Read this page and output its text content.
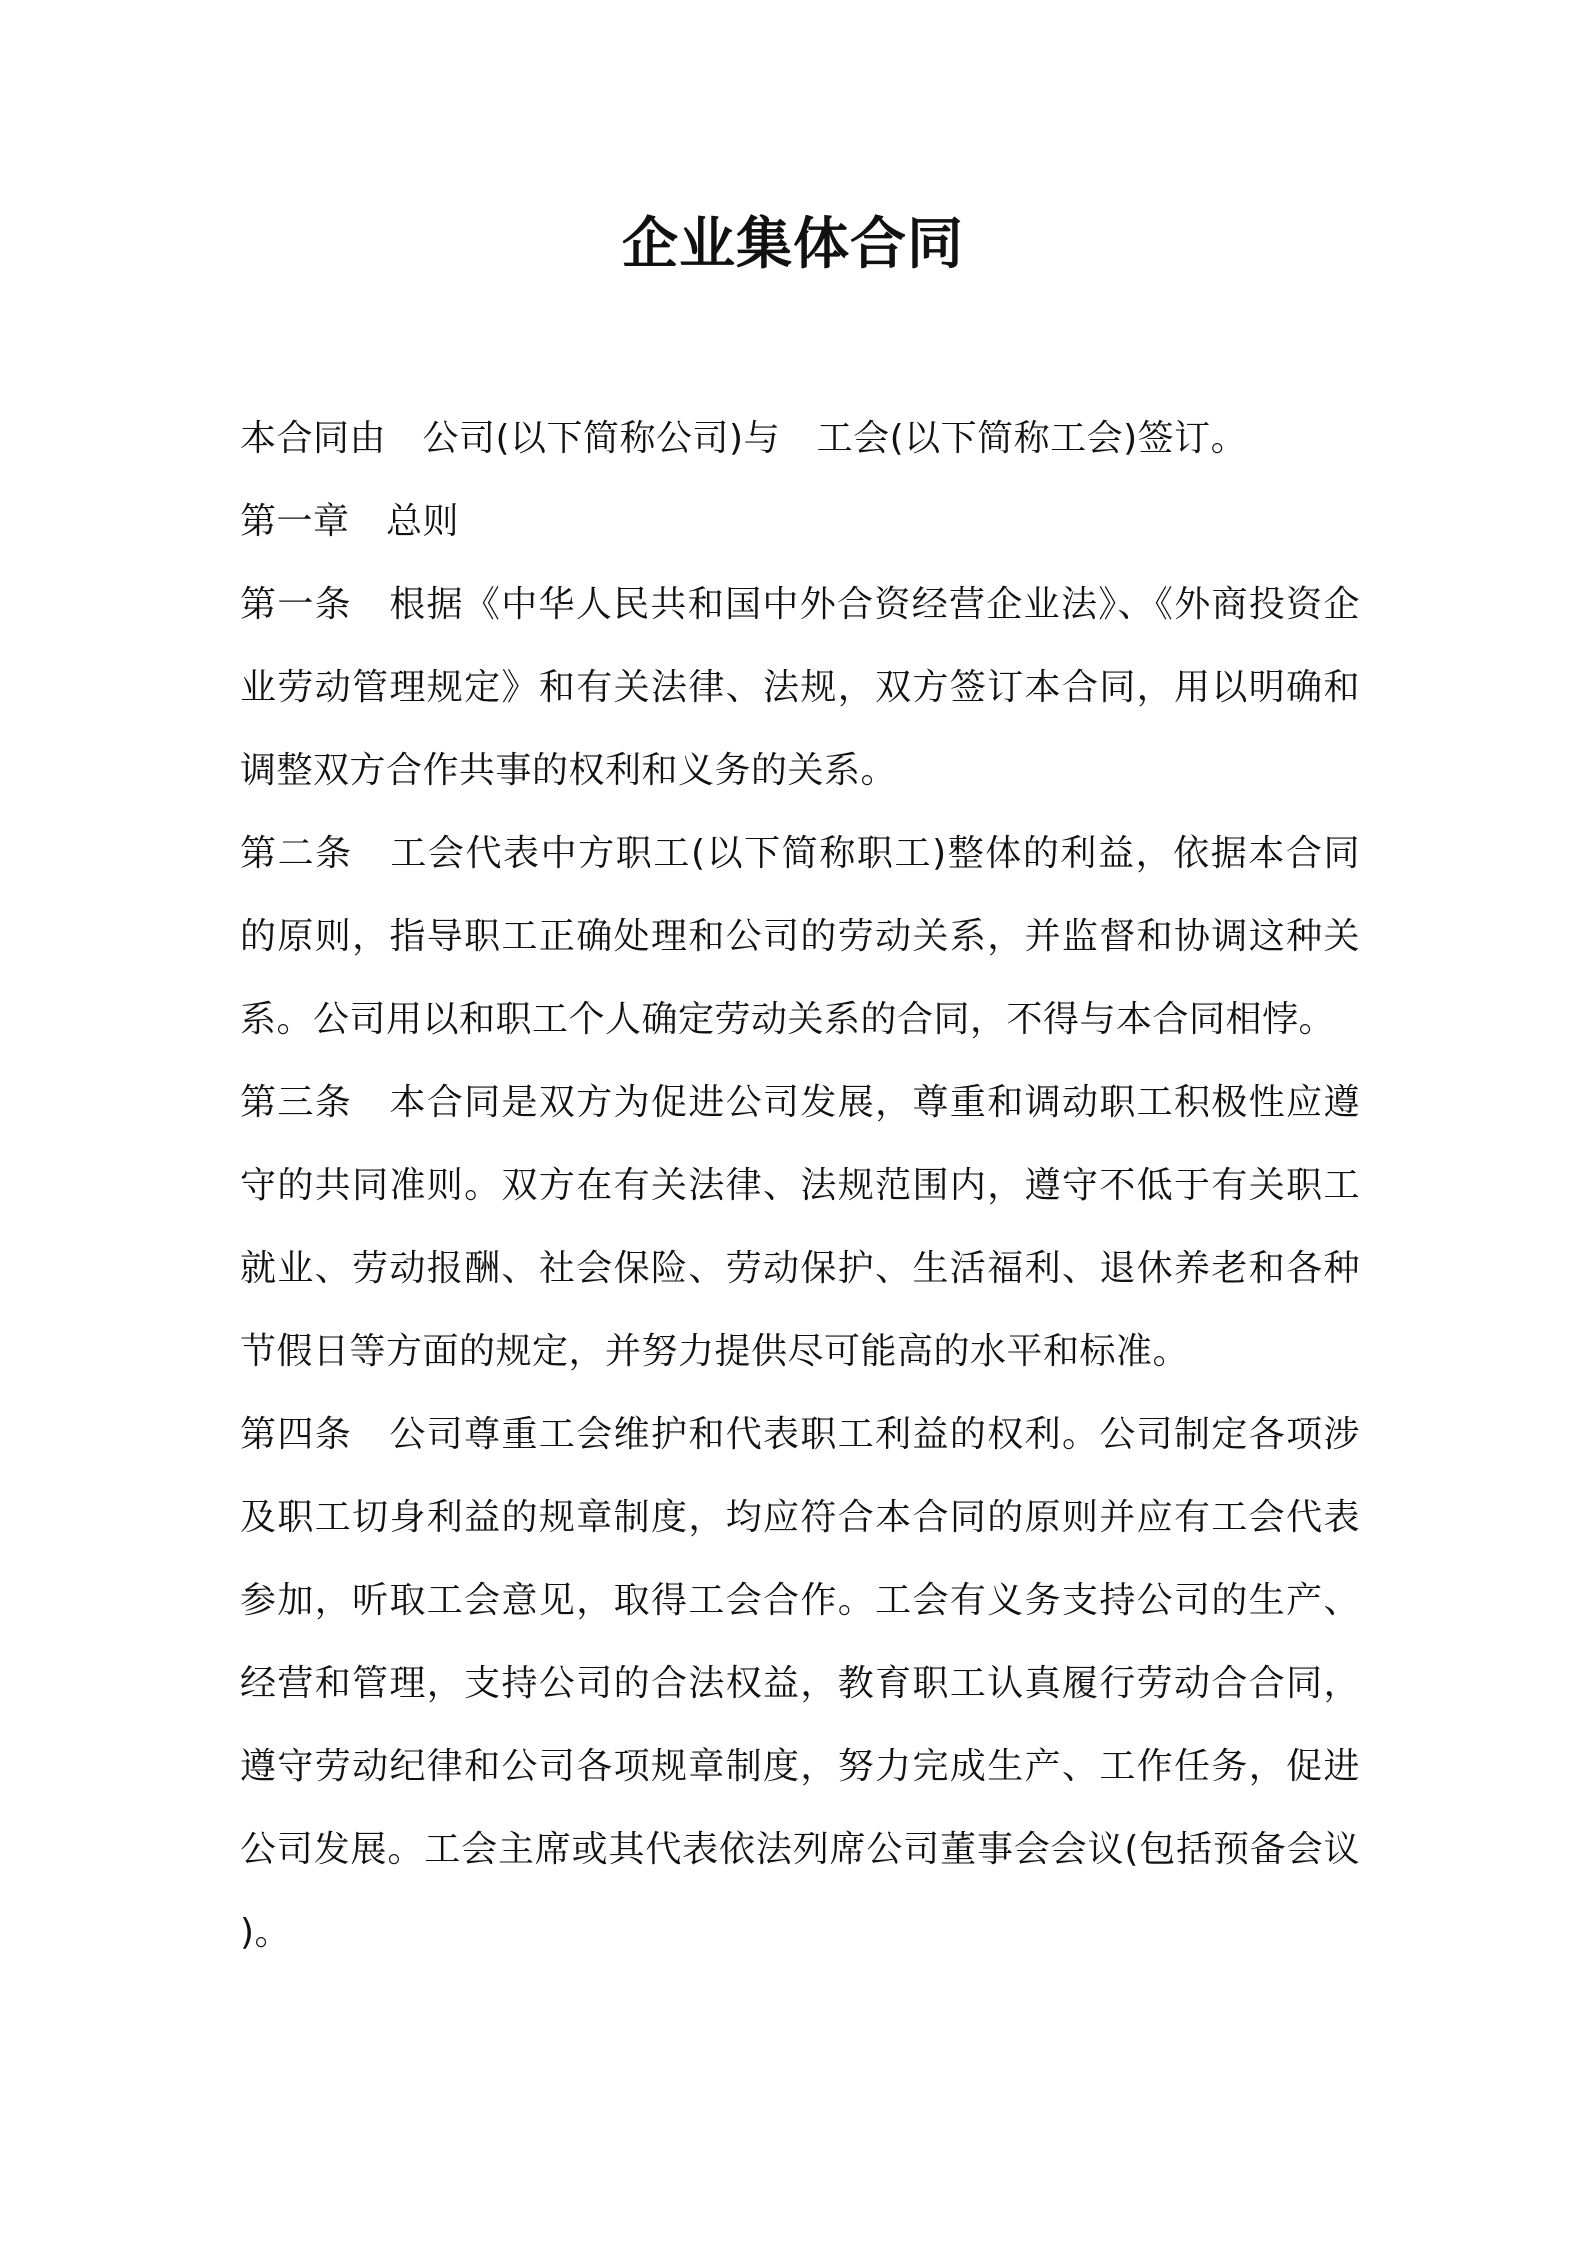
企业集体合同

本合同由　公司(以下简称公司)与　工会(以下简称工会)签订。

第一章　总则

第一条　根据《中华人民共和国中外合资经营企业法》、《外商投资企业劳动管理规定》和有关法律、法规，双方签订本合同，用以明确和调整双方合作共事的权利和义务的关系。

第二条　工会代表中方职工(以下简称职工)整体的利益，依据本合同的原则，指导职工正确处理和公司的劳动关系，并监督和协调这种关系。公司用以和职工个人确定劳动关系的合同，不得与本合同相悖。

第三条　本合同是双方为促进公司发展，尊重和调动职工积极性应遵守的共同准则。双方在有关法律、法规范围内，遵守不低于有关职工就业、劳动报酬、社会保险、劳动保护、生活福利、退休养老和各种节假日等方面的规定，并努力提供尽可能高的水平和标准。

第四条　公司尊重工会维护和代表职工利益的权利。公司制定各项涉及职工切身利益的规章制度，均应符合本合同的原则并应有工会代表参加，听取工会意见，取得工会合作。工会有义务支持公司的生产、经营和管理，支持公司的合法权益，教育职工认真履行劳动合合同，遵守劳动纪律和公司各项规章制度，努力完成生产、工作任务，促进公司发展。工会主席或其代表依法列席公司董事会会议(包括预备会议)。
